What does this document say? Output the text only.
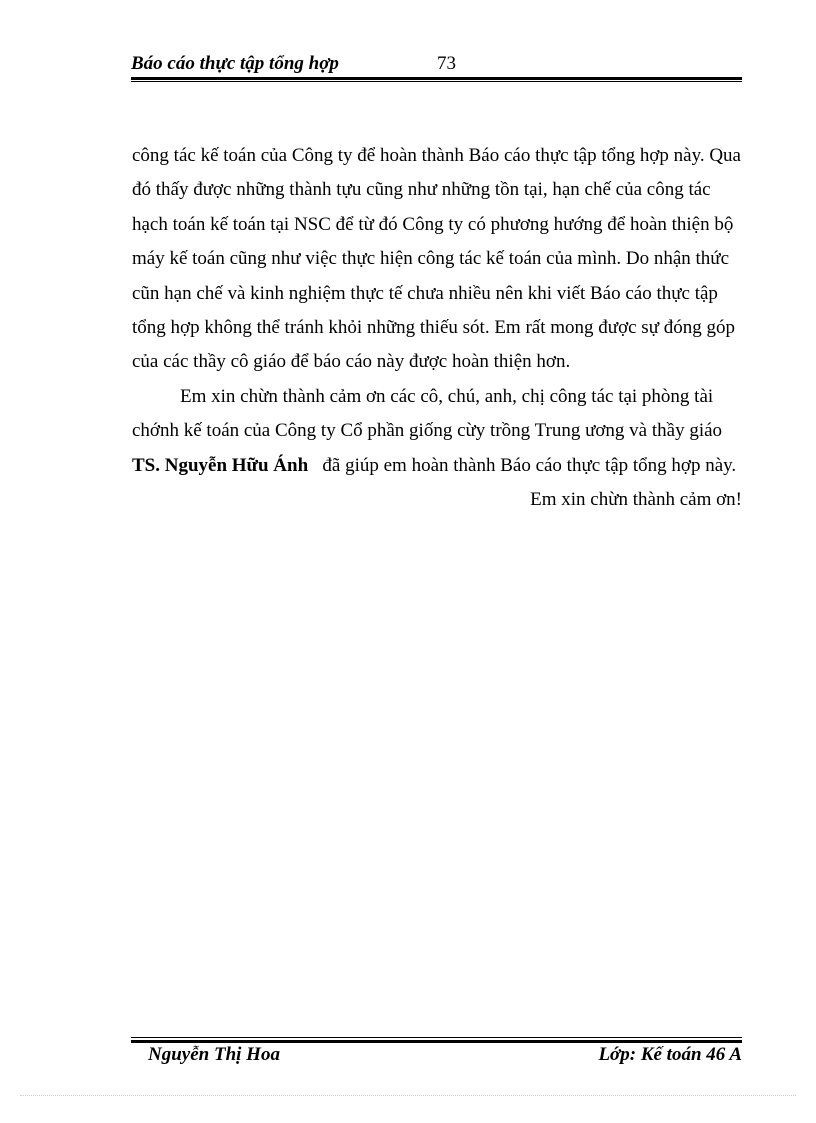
Báo cáo thực tập tổng hợp	73

công tác kế toán của Công ty để hoàn thành Báo cáo thực tập tổng hợp này. Qua
đó thấy được những thành tựu cũng như những tồn tại, hạn chế của công tác
hạch toán kế toán tại NSC để từ đó Công ty có phương hướng để hoàn thiện bộ
máy kế toán cũng như việc thực hiện công tác kế toán của mình. Do nhận thức
cũn hạn chế và kinh nghiệm thực tế chưa nhiều nên khi viết Báo cáo thực tập
tổng hợp không thể tránh khỏi những thiếu sót. Em rất mong được sự đóng góp
của các thầy cô giáo để báo cáo này được hoàn thiện hơn.

Em xin chừn thành cảm ơn các cô, chú, anh, chị công tác tại phòng tài
chớnh kế toán của Công ty Cổ phần giống cừy trồng Trung ương và thầy giáo
TS. Nguyễn Hữu Ánh đã giúp em hoàn thành Báo cáo thực tập tổng hợp này.

Em xin chừn thành cảm ơn!

Nguyễn Thị Hoa	Lớp: Kế toán 46 A
